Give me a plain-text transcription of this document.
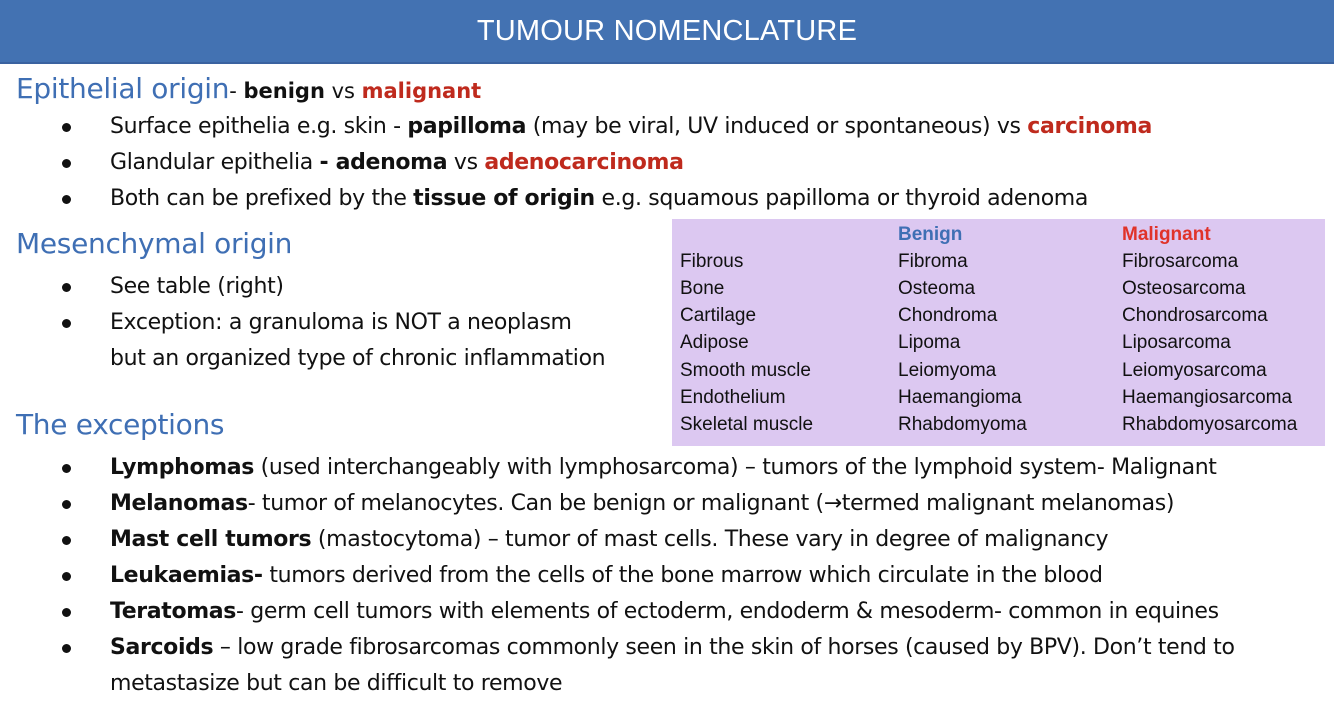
TUMOUR NOMENCLATURE
Epithelial origin- benign vs malignant
Surface epithelia e.g. skin - papilloma (may be viral, UV induced or spontaneous) vs carcinoma
Glandular epithelia - adenoma vs adenocarcinoma
Both can be prefixed by the tissue of origin e.g. squamous papilloma or thyroid adenoma
Mesenchymal origin
See table (right)
Exception: a granuloma is NOT a neoplasm
but an organized type of chronic inflammation
	Benign	Malignant
Fibrous	Fibroma	Fibrosarcoma
Bone	Osteoma	Osteosarcoma
Cartilage	Chondroma	Chondrosarcoma
Adipose	Lipoma	Liposarcoma
Smooth muscle	Leiomyoma	Leiomyosarcoma
Endothelium	Haemangioma	Haemangiosarcoma
Skeletal muscle	Rhabdomyoma	Rhabdomyosarcoma
The exceptions
Lymphomas (used interchangeably with lymphosarcoma) – tumors of the lymphoid system- Malignant
Melanomas- tumor of melanocytes. Can be benign or malignant (→termed malignant melanomas)
Mast cell tumors (mastocytoma) – tumor of mast cells. These vary in degree of malignancy
Leukaemias- tumors derived from the cells of the bone marrow which circulate in the blood
Teratomas- germ cell tumors with elements of ectoderm, endoderm & mesoderm- common in equines
Sarcoids – low grade fibrosarcomas commonly seen in the skin of horses (caused by BPV). Don’t tend to
metastasize but can be difficult to remove
